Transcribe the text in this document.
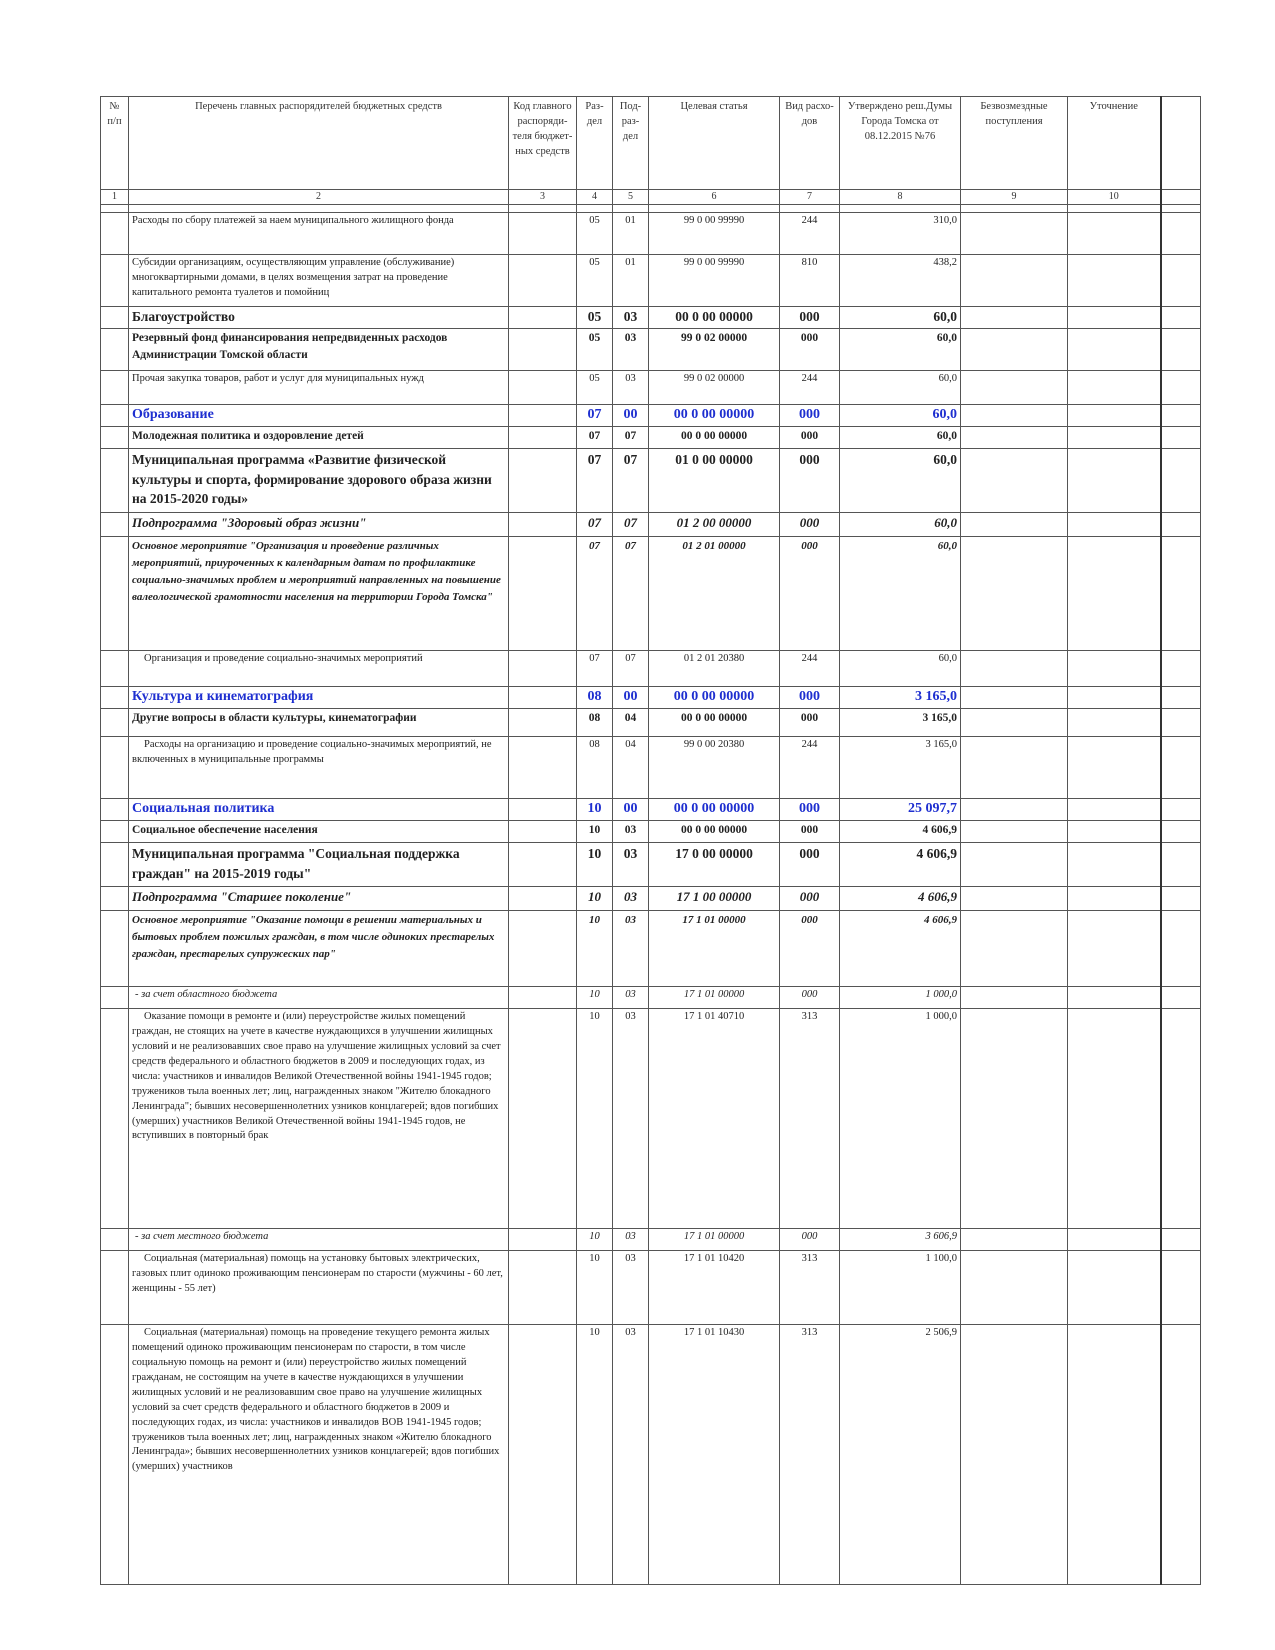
№ п/п	Перечень главных распорядителей бюджетных средств	Код главного распоряди-теля бюджет-ных средств	Раз-дел	Под-раз-дел	Целевая статья	Вид расхо-дов	Утверждено реш.Думы Города Томска от 08.12.2015 №76	Безвозмездные поступления	Уточнение	
1	2	3	4	5	6	7	8	9	10	

	Расходы по сбору платежей за наем муниципального жилищного фонда		05	01	99 0 00 99990	244	310,0			
	Субсидии организациям, осуществляющим управление (обслуживание) многоквартирными домами, в целях возмещения затрат на проведение капитального ремонта туалетов и помойниц		05	01	99 0 00 99990	810	438,2			
	Благоустройство		05	03	00 0 00 00000	000	60,0			
	Резервный фонд финансирования непредвиденных расходов Администрации Томской области		05	03	99 0 02 00000	000	60,0			
	Прочая закупка товаров, работ и услуг для муниципальных нужд		05	03	99 0 02 00000	244	60,0			
	Образование		07	00	00 0 00 00000	000	60,0			
	Молодежная политика и оздоровление детей		07	07	00 0 00 00000	000	60,0			
	Муниципальная программа «Развитие физической культуры и спорта, формирование здорового образа жизни на 2015-2020 годы»		07	07	01 0 00 00000	000	60,0			
	Подпрограмма "Здоровый образ жизни"		07	07	01 2 00 00000	000	60,0			
	Основное мероприятие "Организация и проведение различных мероприятий, приуроченных к календарным датам по профилактике социально-значимых проблем и мероприятий направленных на повышение валеологической грамотности населения на территории Города Томска"		07	07	01 2 01 00000	000	60,0			
	Организация и проведение социально-значимых мероприятий		07	07	01 2 01 20380	244	60,0			
	Культура и кинематография		08	00	00 0 00 00000	000	3 165,0			
	Другие вопросы в области культуры, кинематографии		08	04	00 0 00 00000	000	3 165,0			
	Расходы на организацию и проведение социально-значимых мероприятий, не включенных в муниципальные программы		08	04	99 0 00 20380	244	3 165,0			
	Социальная политика		10	00	00 0 00 00000	000	25 097,7			
	Социальное обеспечение населения		10	03	00 0 00 00000	000	4 606,9			
	Муниципальная программа "Социальная поддержка граждан" на 2015-2019 годы"		10	03	17 0 00 00000	000	4 606,9			
	Подпрограмма "Старшее поколение"		10	03	17 1 00 00000	000	4 606,9			
	Основное мероприятие "Оказание помощи в решении материальных и бытовых проблем пожилых граждан, в том числе одиноких престарелых граждан, престарелых супружеских пар"		10	03	17 1 01 00000	000	4 606,9			
	- за счет областного бюджета		10	03	17 1 01 00000	000	1 000,0			
	Оказание помощи в ремонте и (или) переустройстве жилых помещений граждан, не стоящих на учете в качестве нуждающихся в улучшении жилищных условий и не реализовавших свое право на улучшение жилищных условий за счет средств федерального и областного бюджетов в 2009 и последующих годах, из числа: участников и инвалидов Великой Отечественной войны 1941-1945 годов; тружеников тыла военных лет; лиц, награжденных знаком "Жителю блокадного Ленинграда"; бывших несовершеннолетних узников концлагерей; вдов погибших (умерших) участников Великой Отечественной войны 1941-1945 годов, не вступивших в повторный брак		10	03	17 1 01 40710	313	1 000,0			
	- за счет местного бюджета		10	03	17 1 01 00000	000	3 606,9			
	Социальная (материальная) помощь на установку бытовых электрических, газовых плит одиноко проживающим пенсионерам по старости (мужчины - 60 лет, женщины - 55 лет)		10	03	17 1 01 10420	313	1 100,0			
	Социальная (материальная) помощь на проведение текущего ремонта жилых помещений одиноко проживающим пенсионерам по старости, в том числе социальную помощь на ремонт и (или) переустройство жилых помещений гражданам, не состоящим на учете в качестве нуждающихся в улучшении жилищных условий и не реализовавшим свое право на улучшение жилищных условий за счет средств федерального и областного бюджетов в 2009 и последующих годах, из числа: участников и инвалидов ВОВ 1941-1945 годов; тружеников тыла военных лет; лиц, награжденных знаком «Жителю блокадного Ленинграда»; бывших несовершеннолетних узников концлагерей; вдов погибших (умерших) участников		10	03	17 1 01 10430	313	2 506,9			
